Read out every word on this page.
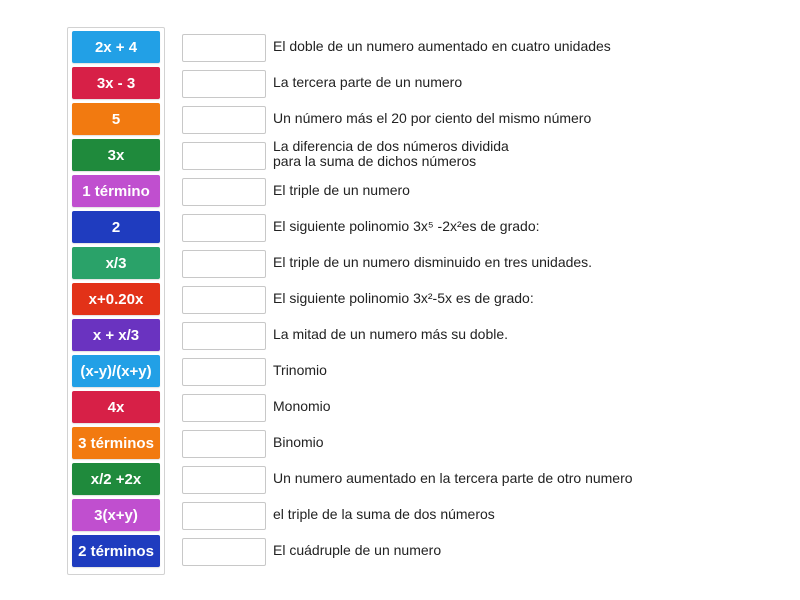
2x + 4
3x - 3
5
3x
1 término
2
x/3
x+0.20x
x + x/3
(x-y)/(x+y)
4x
3 términos
x/2 +2x
3(x+y)
2 términos
El doble de un numero aumentado en cuatro unidades
La tercera parte de un numero
Un número más el 20 por ciento del mismo número
La diferencia de dos números dividida
para la suma de dichos números
El triple de un numero
El siguiente polinomio 3x⁵ -2x²es de grado:
El triple de un numero disminuido en tres unidades.
El siguiente polinomio 3x²-5x es de grado:
La mitad de un numero más su doble.
Trinomio
Monomio
Binomio
Un numero aumentado en la tercera parte de otro numero
el triple de la suma de dos números
El cuádruple de un numero
